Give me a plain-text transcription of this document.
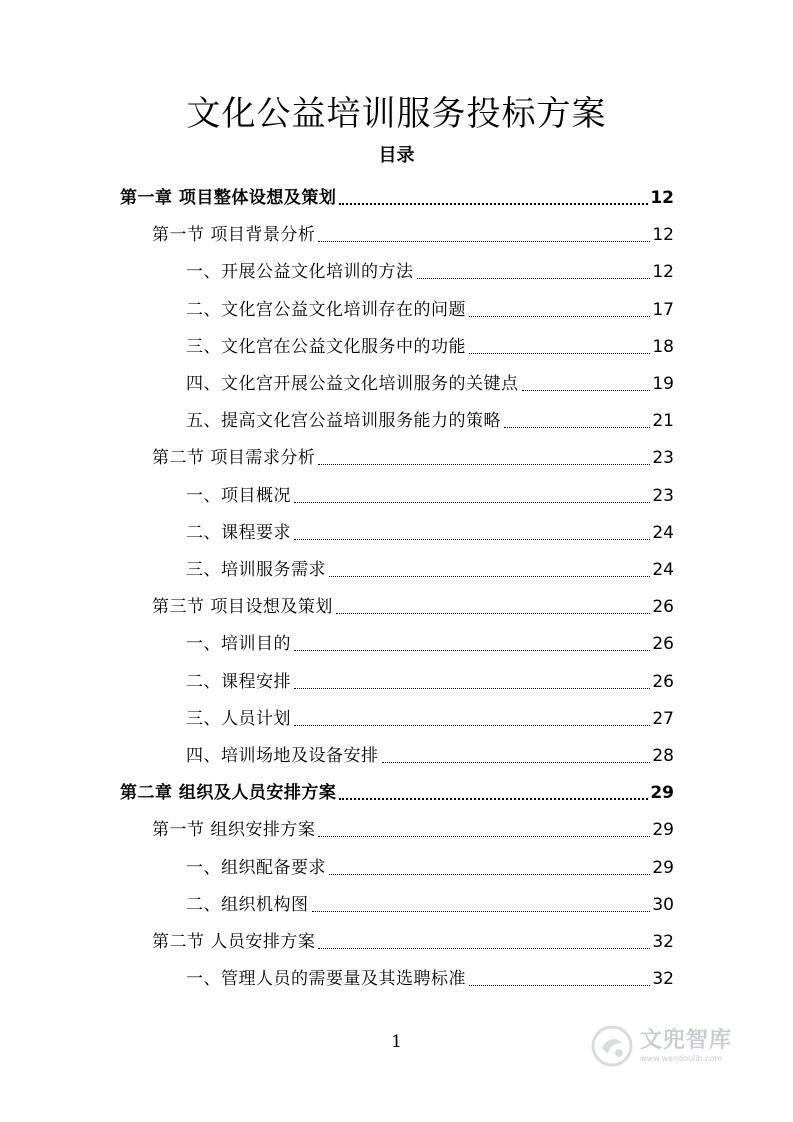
文化公益培训服务投标方案
目录
第一章 项目整体设想及策划	12
第一节 项目背景分析	12
一、开展公益文化培训的方法	12
二、文化宫公益文化培训存在的问题	17
三、文化宫在公益文化服务中的功能	18
四、文化宫开展公益文化培训服务的关键点	19
五、提高文化宫公益培训服务能力的策略	21
第二节 项目需求分析	23
一、项目概况	23
二、课程要求	24
三、培训服务需求	24
第三节 项目设想及策划	26
一、培训目的	26
二、课程安排	26
三、人员计划	27
四、培训场地及设备安排	28
第二章 组织及人员安排方案	29
第一节 组织安排方案	29
一、组织配备要求	29
二、组织机构图	30
第二节 人员安排方案	32
一、管理人员的需要量及其选聘标准	32
1	文兜智库
www.wendoulib.com
